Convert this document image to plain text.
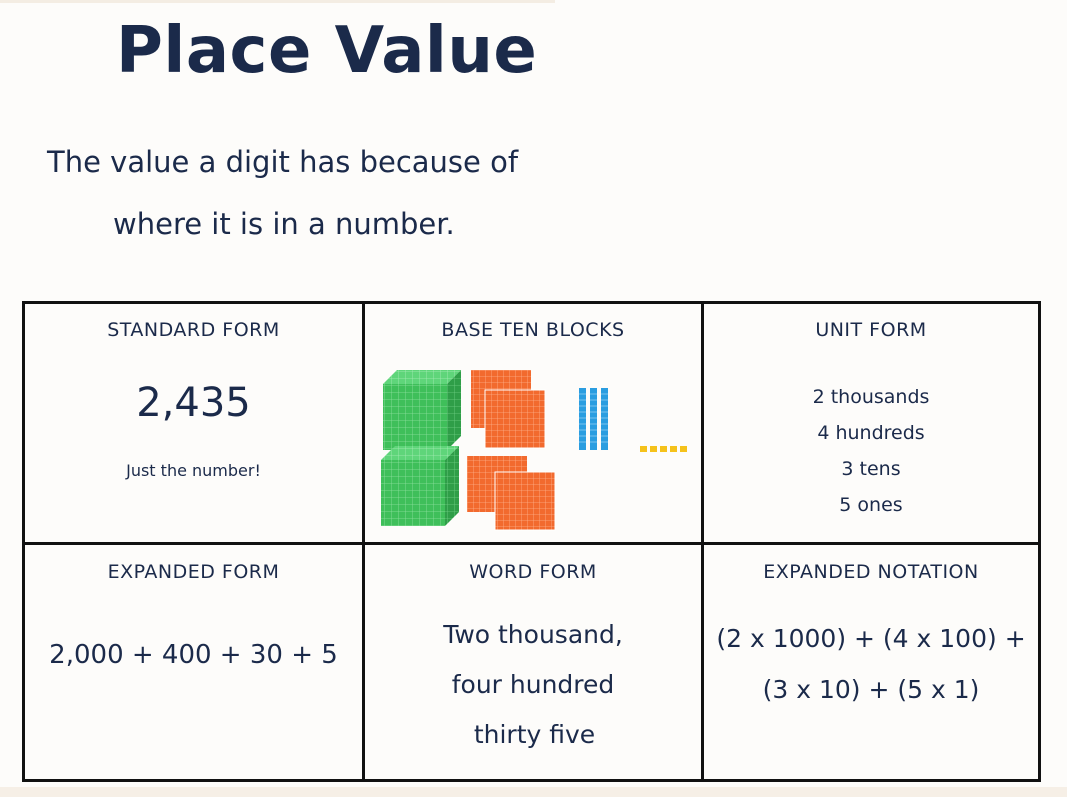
Place Value
The value a digit has because of
where it is in a number.
STANDARD FORM
2,435
Just the number!
BASE TEN BLOCKS	UNIT FORM
2 thousands
4 hundreds
3 tens
5 ones
EXPANDED FORM
2,000 + 400 + 30 + 5
WORD FORM
Two thousand,
four hundred
thirty five
EXPANDED NOTATION
(2 x 1000) + (4 x 100) +
(3 x 10) + (5 x 1)
